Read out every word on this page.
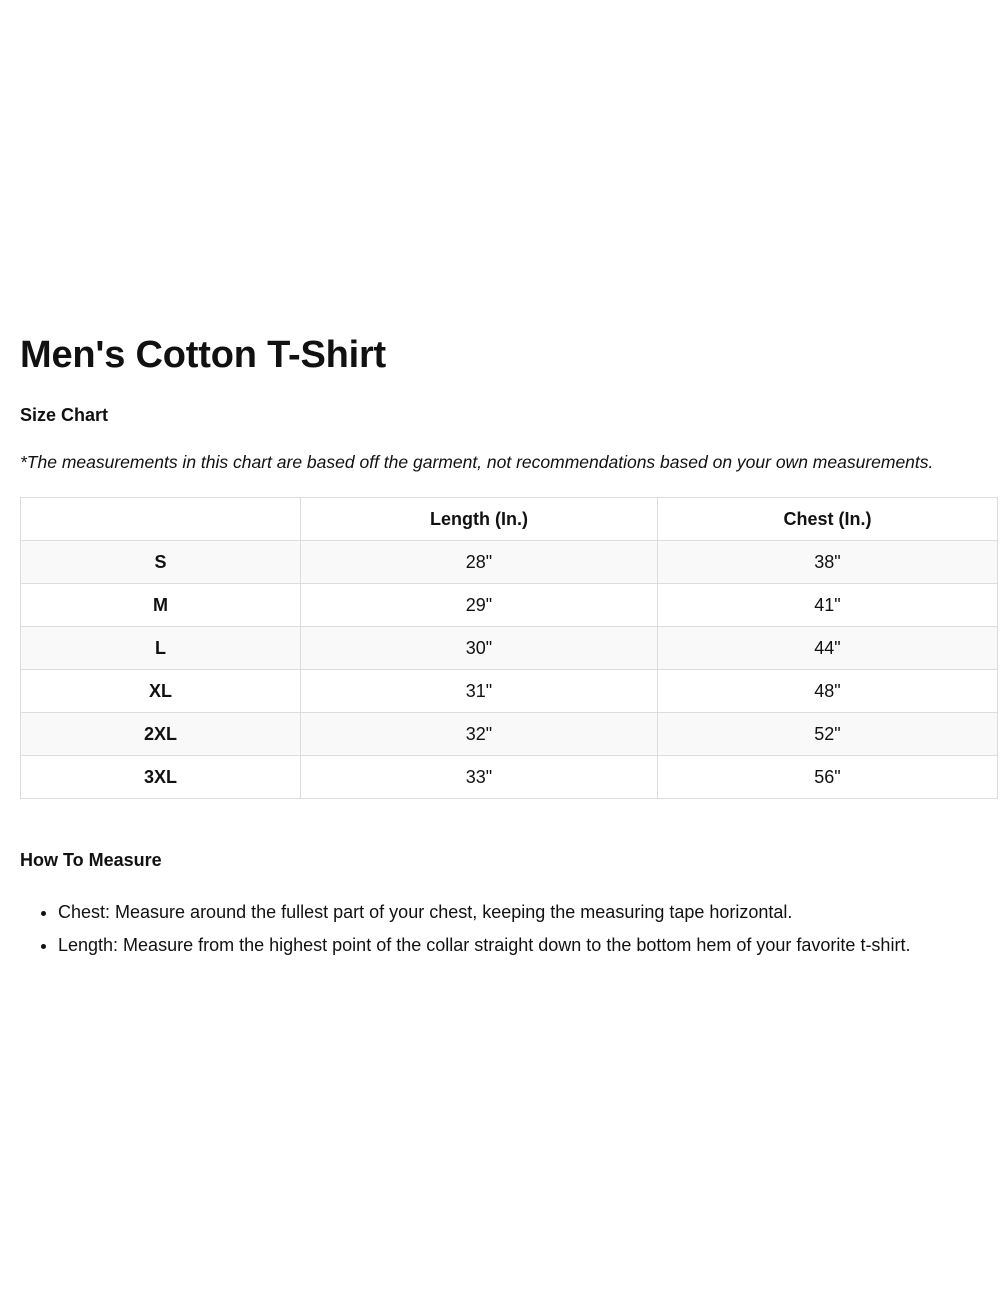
Men's Cotton T-Shirt
Size Chart

*The measurements in this chart are based off the garment, not recommendations based on your own measurements.

	Length (In.)	Chest (In.)
S	28"	38"
M	29"	41"
L	30"	44"
XL	31"	48"
2XL	32"	52"
3XL	33"	56"
How To Measure
• Chest: Measure around the fullest part of your chest, keeping the measuring tape horizontal.
• Length: Measure from the highest point of the collar straight down to the bottom hem of your favorite t-shirt.
